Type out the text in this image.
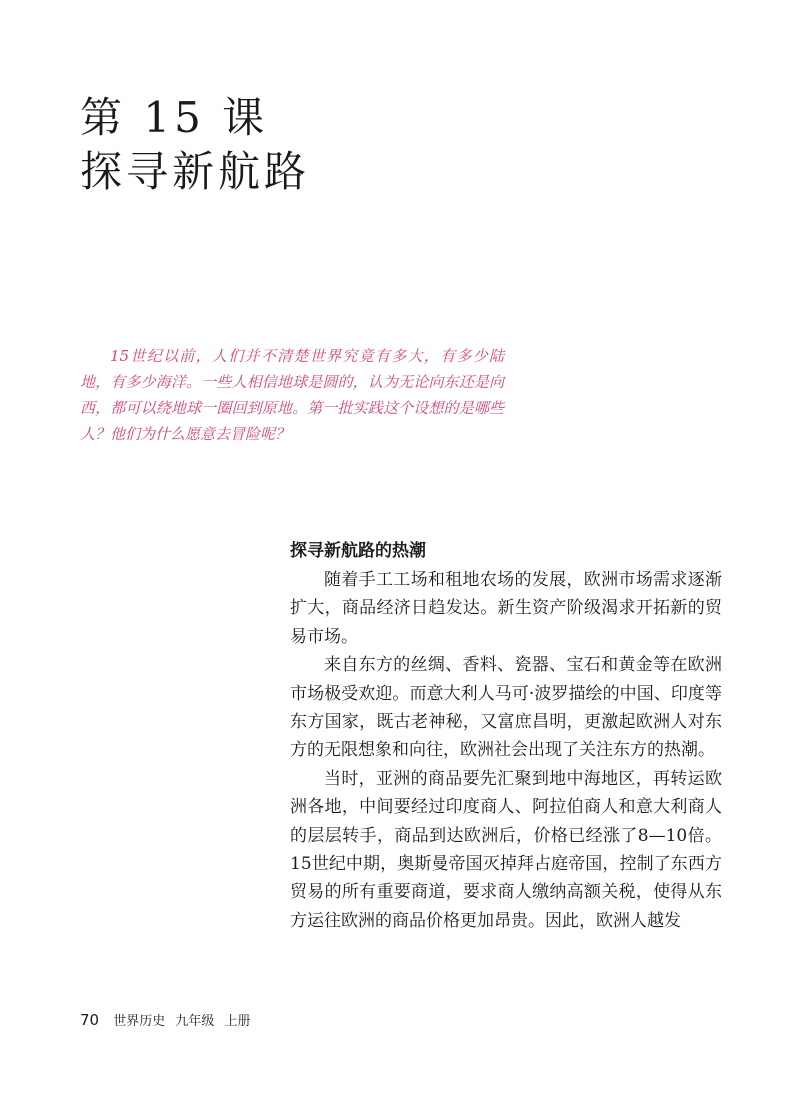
第 15 课
探寻新航路

15世纪以前，人们并不清楚世界究竟有多大，有多少陆地，有多少海洋。一些人相信地球是圆的，认为无论向东还是向西，都可以绕地球一圈回到原地。第一批实践这个设想的是哪些人？他们为什么愿意去冒险呢？

探寻新航路的热潮

随着手工工场和租地农场的发展，欧洲市场需求逐渐扩大，商品经济日趋发达。新生资产阶级渴求开拓新的贸易市场。

来自东方的丝绸、香料、瓷器、宝石和黄金等在欧洲市场极受欢迎。而意大利人马可·波罗描绘的中国、印度等东方国家，既古老神秘，又富庶昌明，更激起欧洲人对东方的无限想象和向往，欧洲社会出现了关注东方的热潮。

当时，亚洲的商品要先汇聚到地中海地区，再转运欧洲各地，中间要经过印度商人、阿拉伯商人和意大利商人的层层转手，商品到达欧洲后，价格已经涨了8—10倍。15世纪中期，奥斯曼帝国灭掉拜占庭帝国，控制了东西方贸易的所有重要商道，要求商人缴纳高额关税，使得从东方运往欧洲的商品价格更加昂贵。因此，欧洲人越发

70 世界历史 九年级 上册
